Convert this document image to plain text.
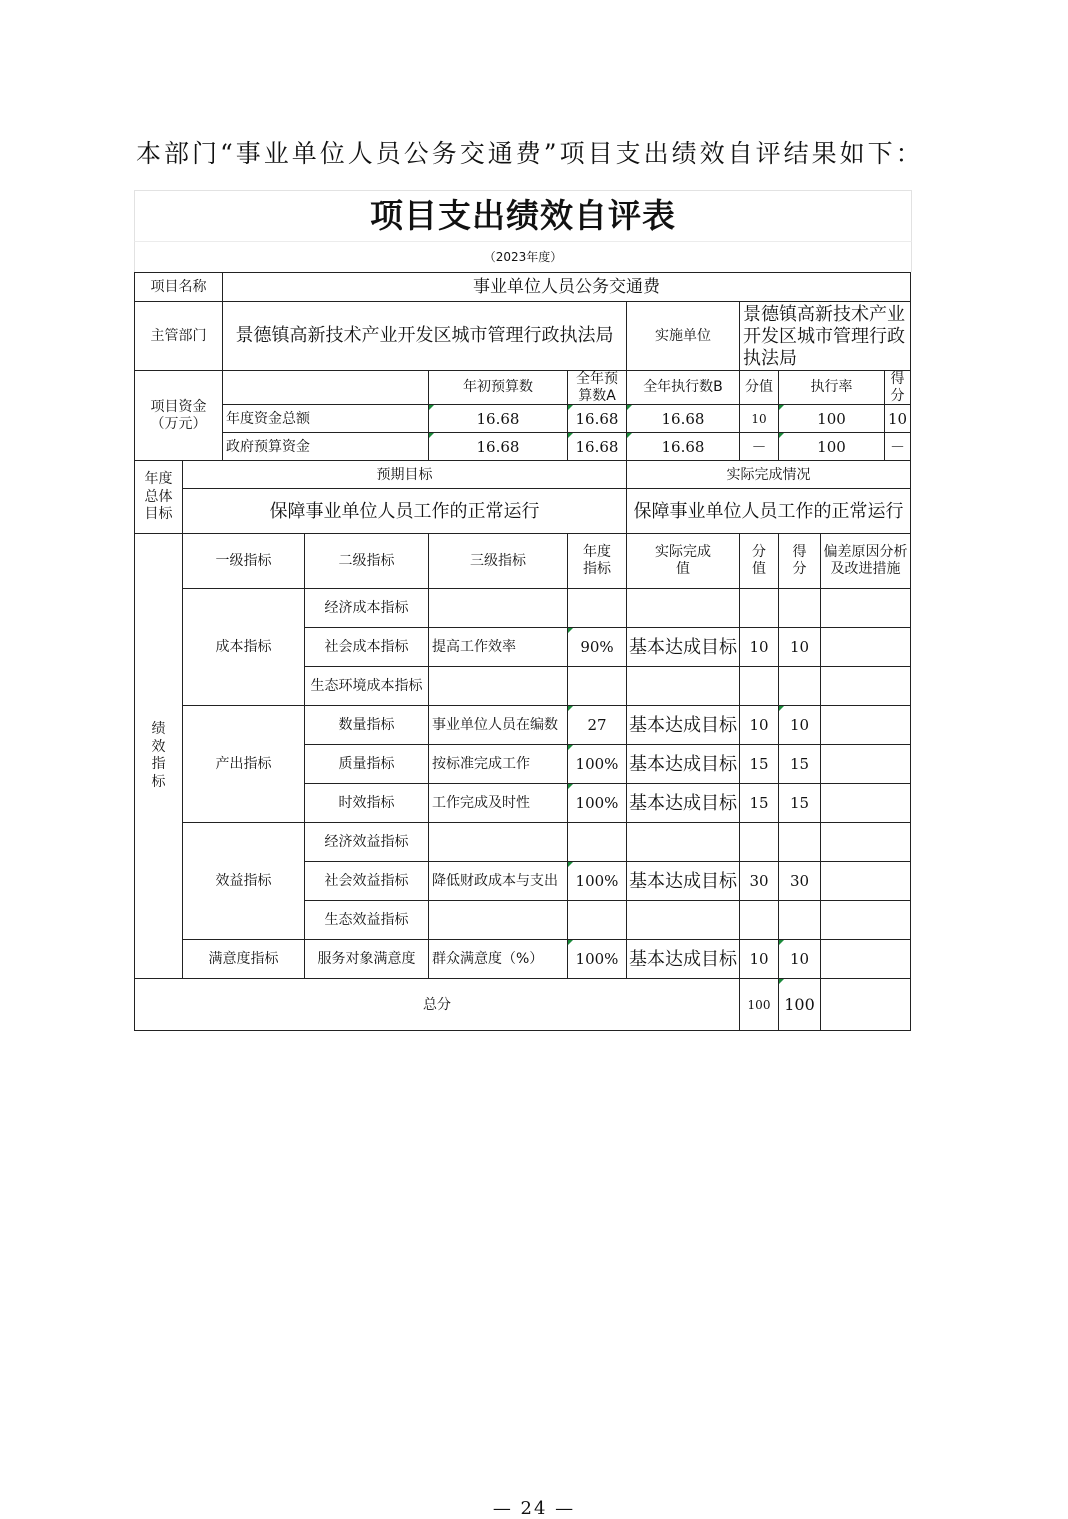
本部门“事业单位人员公务交通费”项目支出绩效自评结果如下：
项目支出绩效自评表
（2023年度）
项目名称		事业单位人员公务交通费								
主管部门		景德镇高新技术产业开发区城市管理行政执法局				实施单位	景德镇高新技术产业开发区城市管理行政执法局			
项目资金（万元）				年初预算数	全年预算数A	全年执行数B	分值	执行率		得分
		年度资金总额		16.68	16.68	16.68	10	100		10
		政府预算资金		16.68	16.68	16.68	－	100		－

年度总体目标	预期目标					实际完成情况				
	保障事业单位人员工作的正常运行					保障事业单位人员工作的正常运行				

绩效指标	一级指标		二级指标	三级指标	年度指标	实际完成值	分值	得分	偏差原因分析及改进措施	

	成本指标		经济成本指标							
			社会成本指标	提高工作效率	90%	基本达成目标	10	10		
			生态环境成本指标							
	产出指标		数量指标	事业单位人员在编数	27	基本达成目标	10	10		
			质量指标	按标准完成工作	100%	基本达成目标	15	15		
			时效指标	工作完成及时性	100%	基本达成目标	15	15		
	效益指标		经济效益指标							
			社会效益指标	降低财政成本与支出	100%	基本达成目标	30	30		
			生态效益指标							
	满意度指标		服务对象满意度	群众满意度（%）	100%	基本达成目标	10	10		
总分							100	100		
— 24 —
